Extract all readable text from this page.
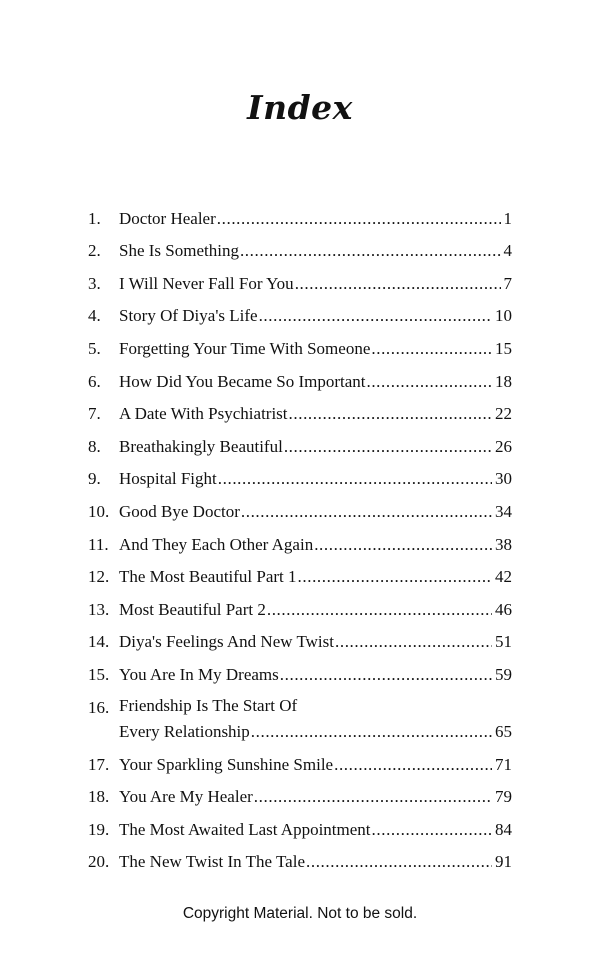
Index
1.	Doctor Healer .....	1
2.	She Is Something .....	4
3.	I Will Never Fall For You .....	7
4.	Story Of Diya's Life .....	10
5.	Forgetting Your Time With Someone .....	15
6.	How Did You Became So Important .....	18
7.	A Date With Psychiatrist .....	22
8.	Breathakingly Beautiful .....	26
9.	Hospital Fight .....	30
10. Good Bye Doctor .....	34
11. And They Each Other Again .....	38
12. The Most Beautiful Part 1 .....	42
13. Most Beautiful Part 2 .....	46
14. Diya's Feelings And New Twist .....	51
15. You Are In My Dreams .....	59
16. Friendship Is The Start Of
Every Relationship .....	65
17. Your Sparkling Sunshine Smile .....	71
18. You Are My Healer .....	79
19. The Most Awaited Last Appointment .....	84
20. The New Twist In The Tale .....	91

Copyright Material. Not to be sold.
